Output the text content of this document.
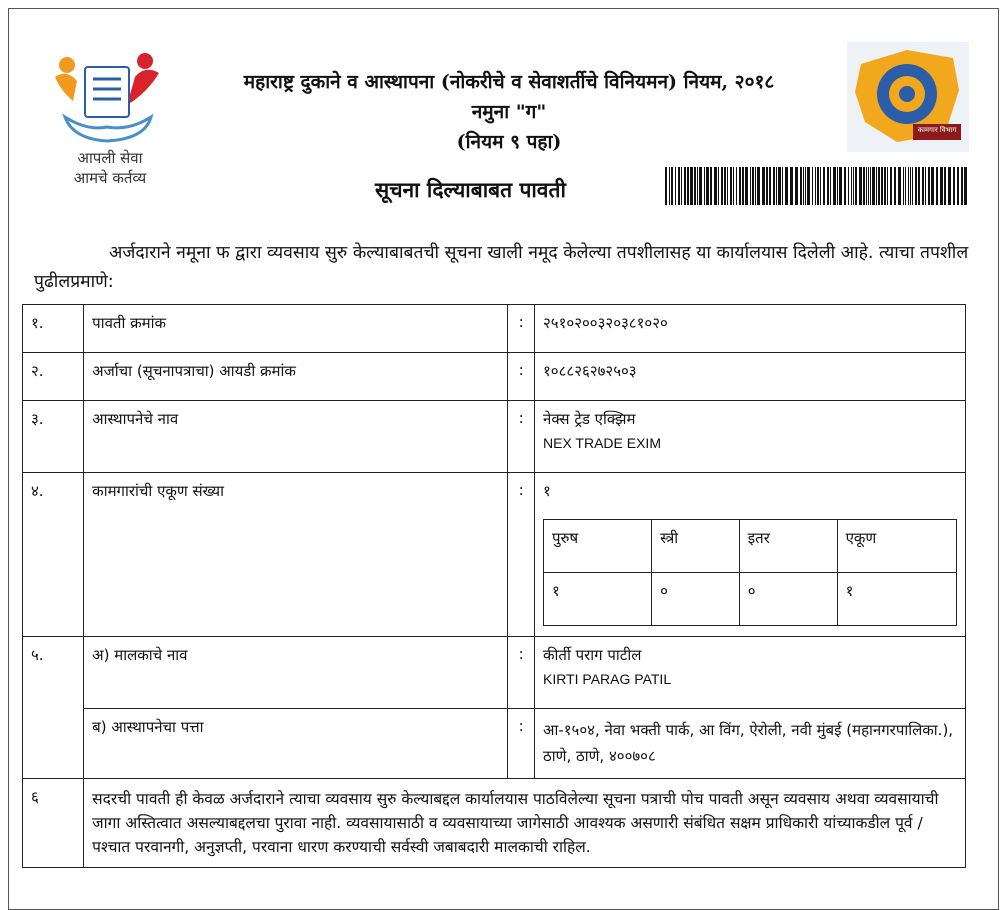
आपली सेवा
आमचे कर्तव्य
महाराष्ट्र दुकाने व आस्थापना (नोकरीचे व सेवाशर्तीचे विनियमन) नियम, २०१८
नमुना "ग"
(नियम ९ पहा)
कामगार विभाग
सूचना दिल्याबाबत पावती
अर्जदाराने नमूना फ द्वारा व्यवसाय सुरु केल्याबाबतची सूचना खाली नमूद केलेल्या तपशीलासह या कार्यालयास दिलेली आहे. त्याचा तपशील पुढीलप्रमाणे:
१.	पावती क्रमांक	:	२५१०२००३२०३८१०२०
२.	अर्जाचा (सूचनापत्राचा) आयडी क्रमांक	:	१०८८२६२७२५०३
३.	आस्थापनेचे नाव	:	नेक्स ट्रेड एक्झिम
NEX TRADE EXIM

४.	कामगारांची एकूण संख्या	:	१
पुरुष	स्त्री	इतर	एकूण
१	०	०	१

५.	अ) मालकाचे नाव	:	कीर्ती पराग पाटील
KIRTI PARAG PATIL

ब) आस्थापनेचा पत्ता	:	आ-१५०४, नेवा भक्ती पार्क, आ विंग, ऐरोली, नवी मुंबई (महानगरपालिका.), ठाणे, ठाणे, ४००७०८
६	सदरची पावती ही केवळ अर्जदाराने त्याचा व्यवसाय सुरु केल्याबद्दल कार्यालयास पाठविलेल्या सूचना पत्राची पोच पावती असून व्यवसाय अथवा व्यवसायाची जागा अस्तित्वात असल्याबद्दलचा पुरावा नाही. व्यवसायासाठी व व्यवसायाच्या जागेसाठी आवश्यक असणारी संबंधित सक्षम प्राधिकारी यांच्याकडील पूर्व / पश्चात परवानगी, अनुज्ञप्ती, परवाना धारण करण्याची सर्वस्वी जबाबदारी मालकाची राहिल.
